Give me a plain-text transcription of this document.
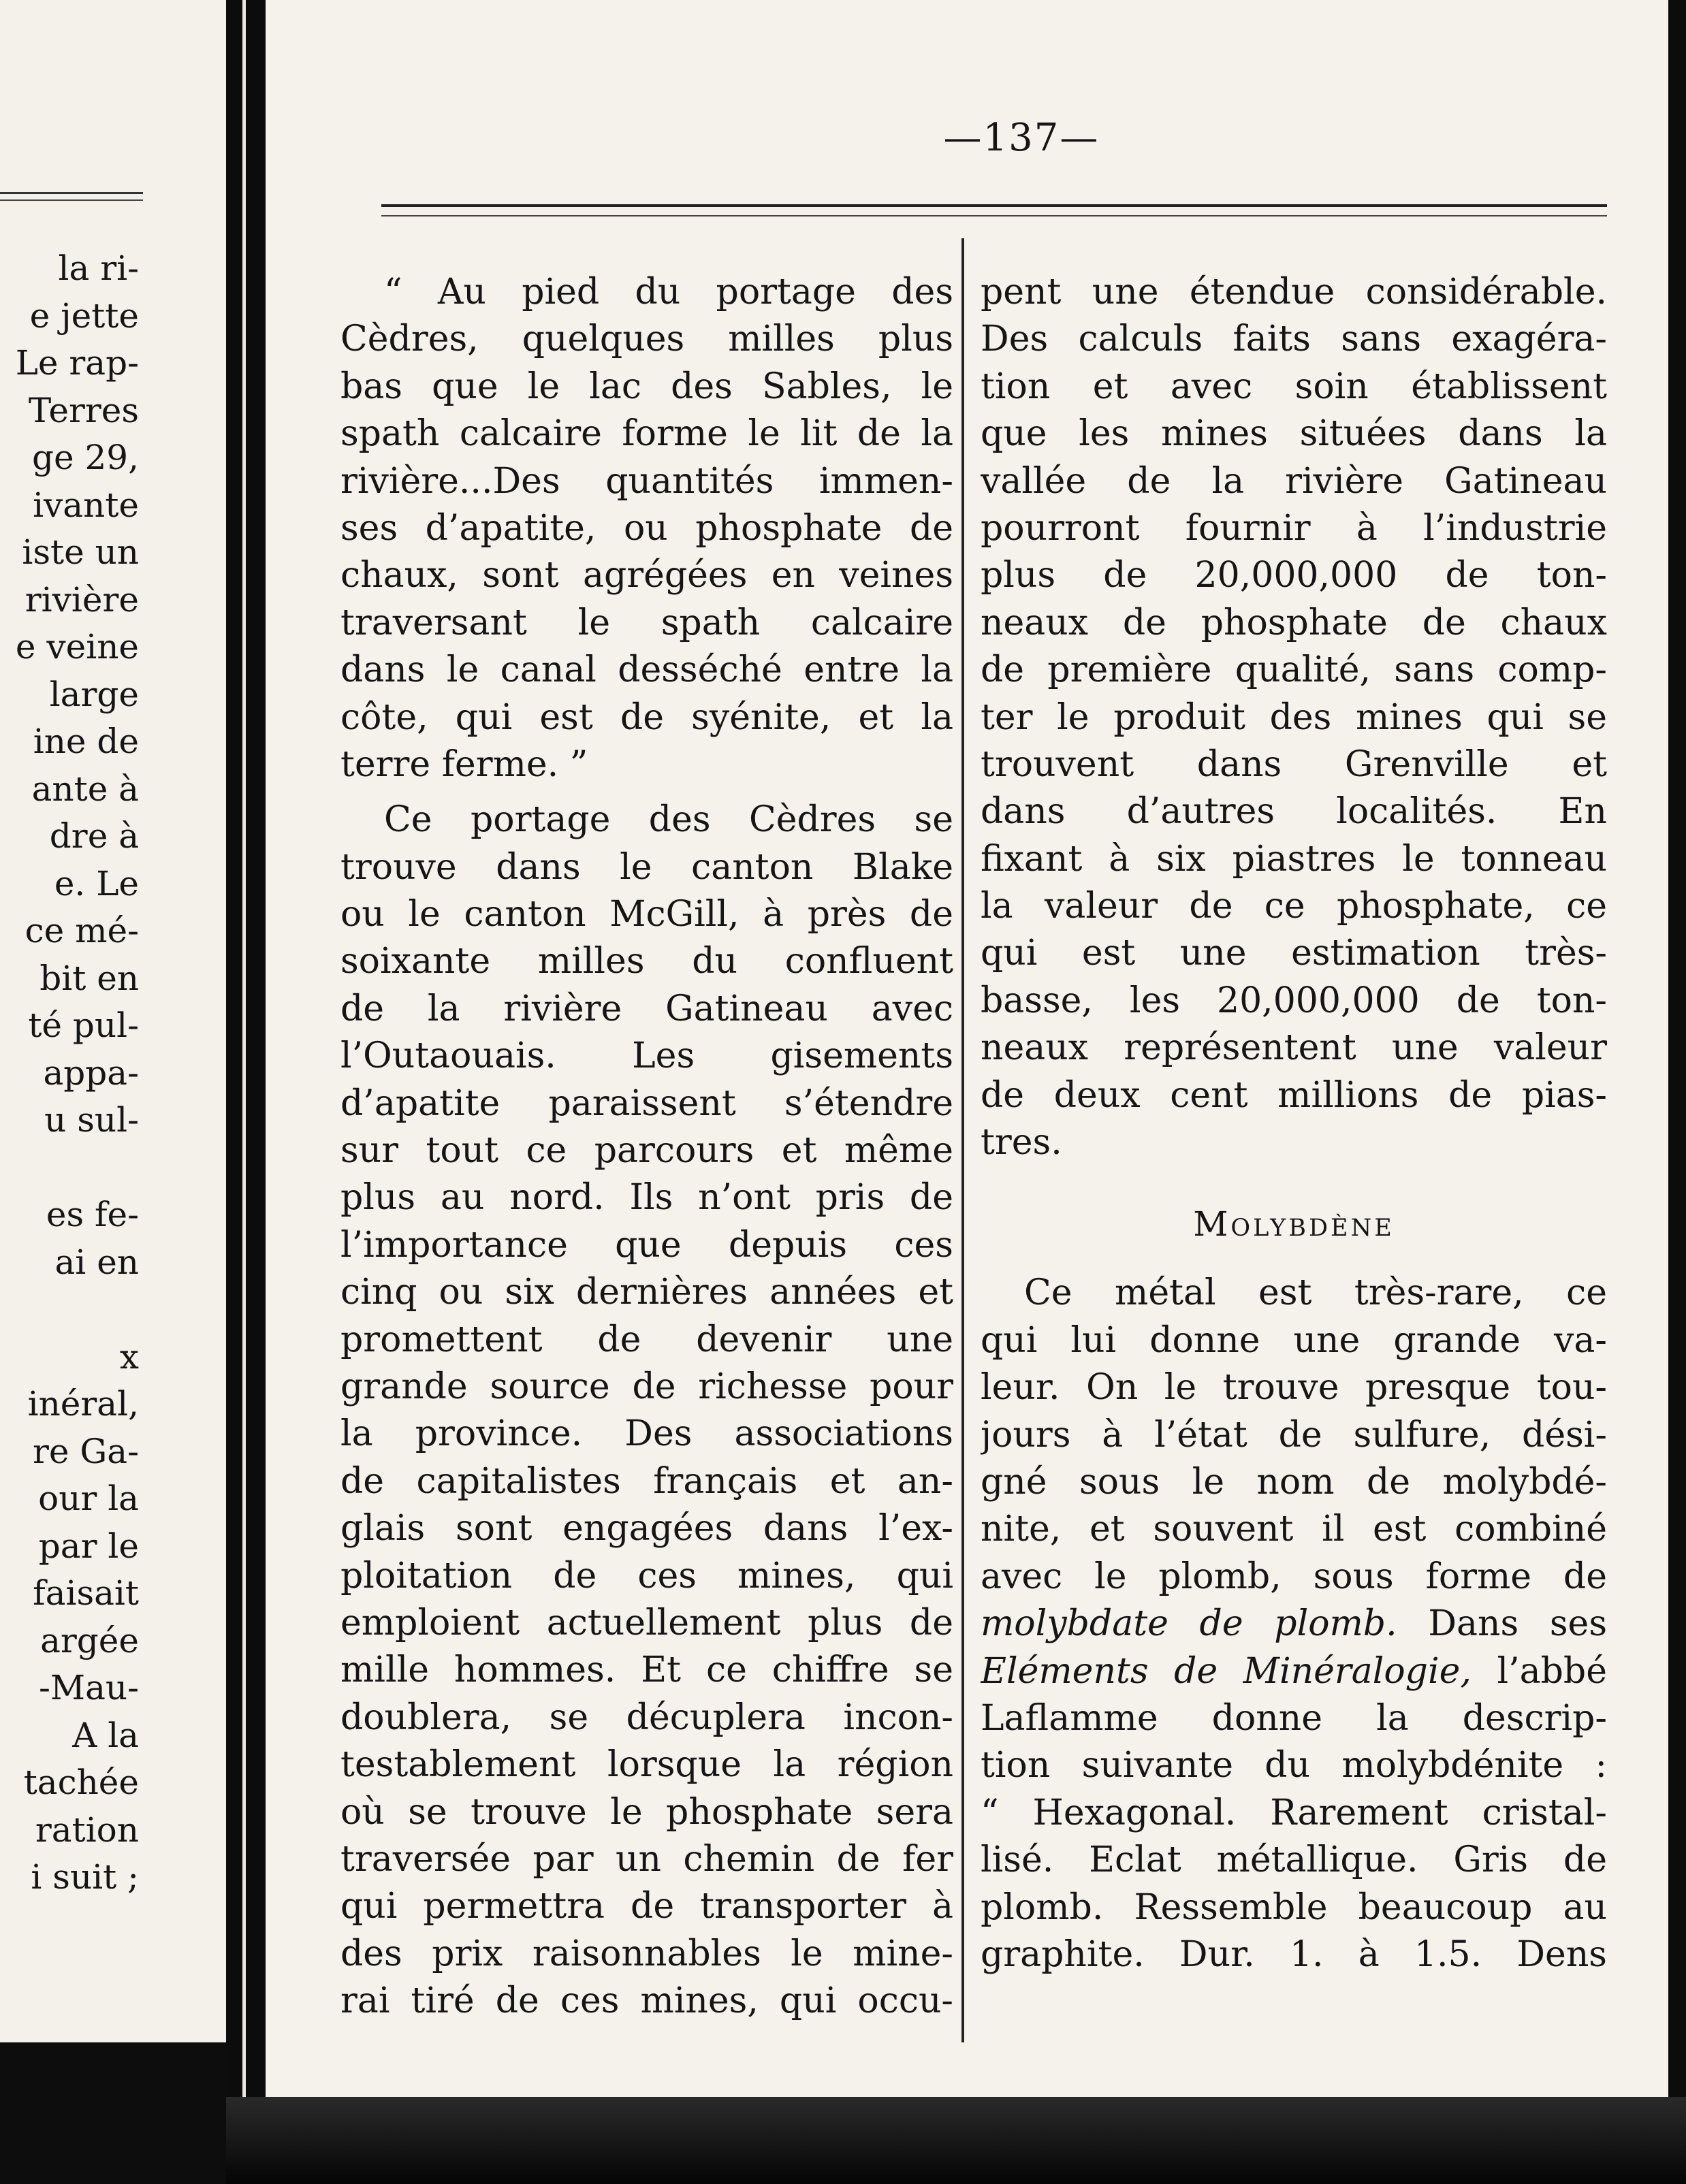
la ri-
e jette
Le rap-
Terres
ge 29,
ivante
iste un
rivière
e veine
large
ine de
ante à
dre à
e. Le
ce mé-
bit en
té pul-
appa-
u sul-

es fe-
ai en

x
inéral,
re Ga-
our la
par le
faisait
argée
-Mau-
A la
tachée
ration
i suit ;
—137—
“ Au pied du portage des
Cèdres, quelques milles plus
bas que le lac des Sables, le
spath calcaire forme le lit de la
rivière...Des quantités immen-
ses d’apatite, ou phosphate de
chaux, sont agrégées en veines
traversant le spath calcaire
dans le canal desséché entre la
côte, qui est de syénite, et la
terre ferme. ”
Ce portage des Cèdres se
trouve dans le canton Blake
ou le canton McGill, à près de
soixante milles du confluent
de la rivière Gatineau avec
l’Outaouais. Les gisements
d’apatite paraissent s’étendre
sur tout ce parcours et même
plus au nord. Ils n’ont pris de
l’importance que depuis ces
cinq ou six dernières années et
promettent de devenir une
grande source de richesse pour
la province. Des associations
de capitalistes français et an-
glais sont engagées dans l’ex-
ploitation de ces mines, qui
emploient actuellement plus de
mille hommes. Et ce chiffre se
doublera, se décuplera incon-
testablement lorsque la région
où se trouve le phosphate sera
traversée par un chemin de fer
qui permettra de transporter à
des prix raisonnables le mine-
rai tiré de ces mines, qui occu-
pent une étendue considérable.
Des calculs faits sans exagéra-
tion et avec soin établissent
que les mines situées dans la
vallée de la rivière Gatineau
pourront fournir à l’industrie
plus de 20,000,000 de ton-
neaux de phosphate de chaux
de première qualité, sans comp-
ter le produit des mines qui se
trouvent dans Grenville et
dans d’autres localités. En
fixant à six piastres le tonneau
la valeur de ce phosphate, ce
qui est une estimation très-
basse, les 20,000,000 de ton-
neaux représentent une valeur
de deux cent millions de pias-
tres.
Molybdène
Ce métal est très-rare, ce
qui lui donne une grande va-
leur. On le trouve presque tou-
jours à l’état de sulfure, dési-
gné sous le nom de molybdé-
nite, et souvent il est combiné
avec le plomb, sous forme de
molybdate de plomb. Dans ses
Eléments de Minéralogie, l’abbé
Laflamme donne la descrip-
tion suivante du molybdénite :
“ Hexagonal. Rarement cristal-
lisé. Eclat métallique. Gris de
plomb. Ressemble beaucoup au
graphite. Dur. 1. à 1.5. Dens
